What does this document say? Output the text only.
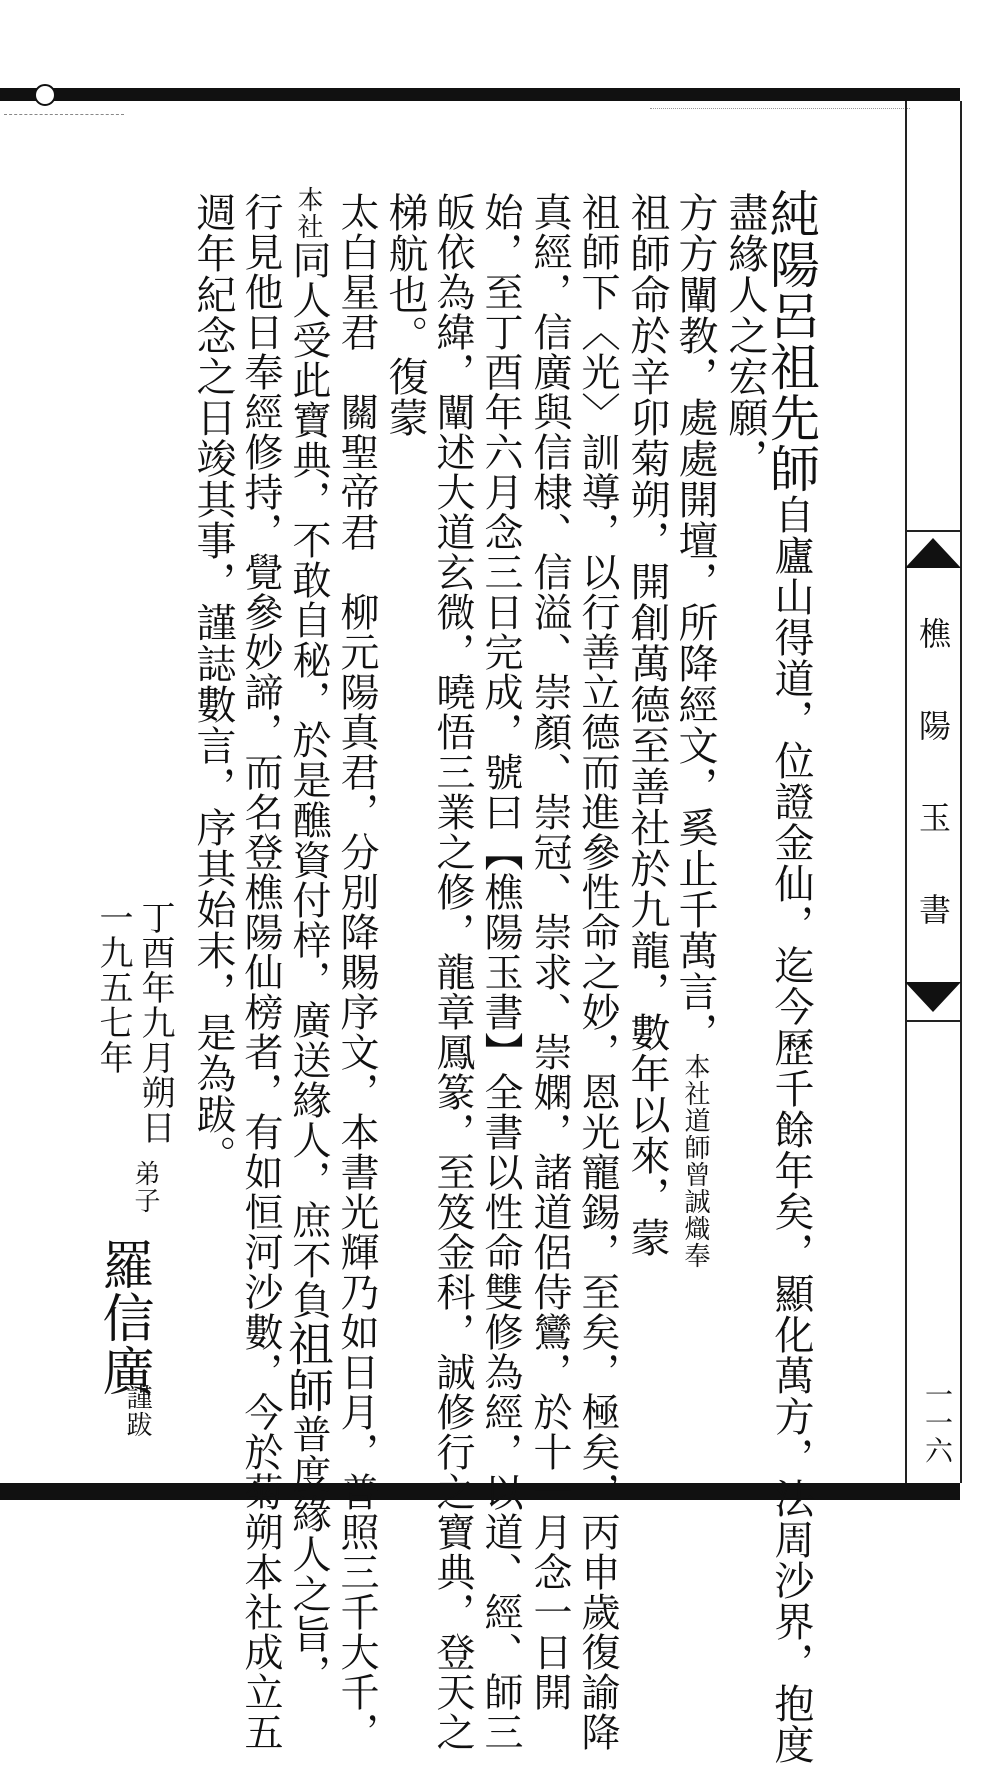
樵
陽
玉
書
一一六
純陽呂祖先師自廬山得道，位證金仙，迄今歷千餘年矣，顯化萬方，法周沙界，抱度
盡緣人之宏願，
方方闡教，處處開壇，所降經文，奚止千萬言，本社道師曾誠熾奉
祖師命於辛卯菊朔，開創萬德至善社於九龍，數年以來，蒙
祖師下〈光〉訓導，以行善立德而進參性命之妙，恩光寵錫，至矣，極矣，丙申歲復諭降
真經，信廣與信棣、信溢、崇顏、崇冠、崇求、崇嫻，諸道侶侍鸞，於十一月念一日開
始，至丁酉年六月念三日完成，號曰【樵陽玉書】全書以性命雙修為經，以道、經、師三
皈依為緯，闡述大道玄微，曉悟三業之修，龍章鳳篆，至笈金科，誠修行之寶典，登天之
梯航也。復蒙
太白星君　關聖帝君　柳元陽真君，分別降賜序文，本書光輝乃如日月，普照三千大千，
本社同人受此寶典，不敢自秘，於是醮資付梓，廣送緣人，庶不負祖師普度緣人之旨，
行見他日奉經修持，覺參妙諦，而名登樵陽仙榜者，有如恒河沙數，今於菊朔本社成立五
週年紀念之日竣其事，謹誌數言，序其始末，是為跋。
丁酉年九月朔日
一九五七年
弟子
羅信廣
謹跋
